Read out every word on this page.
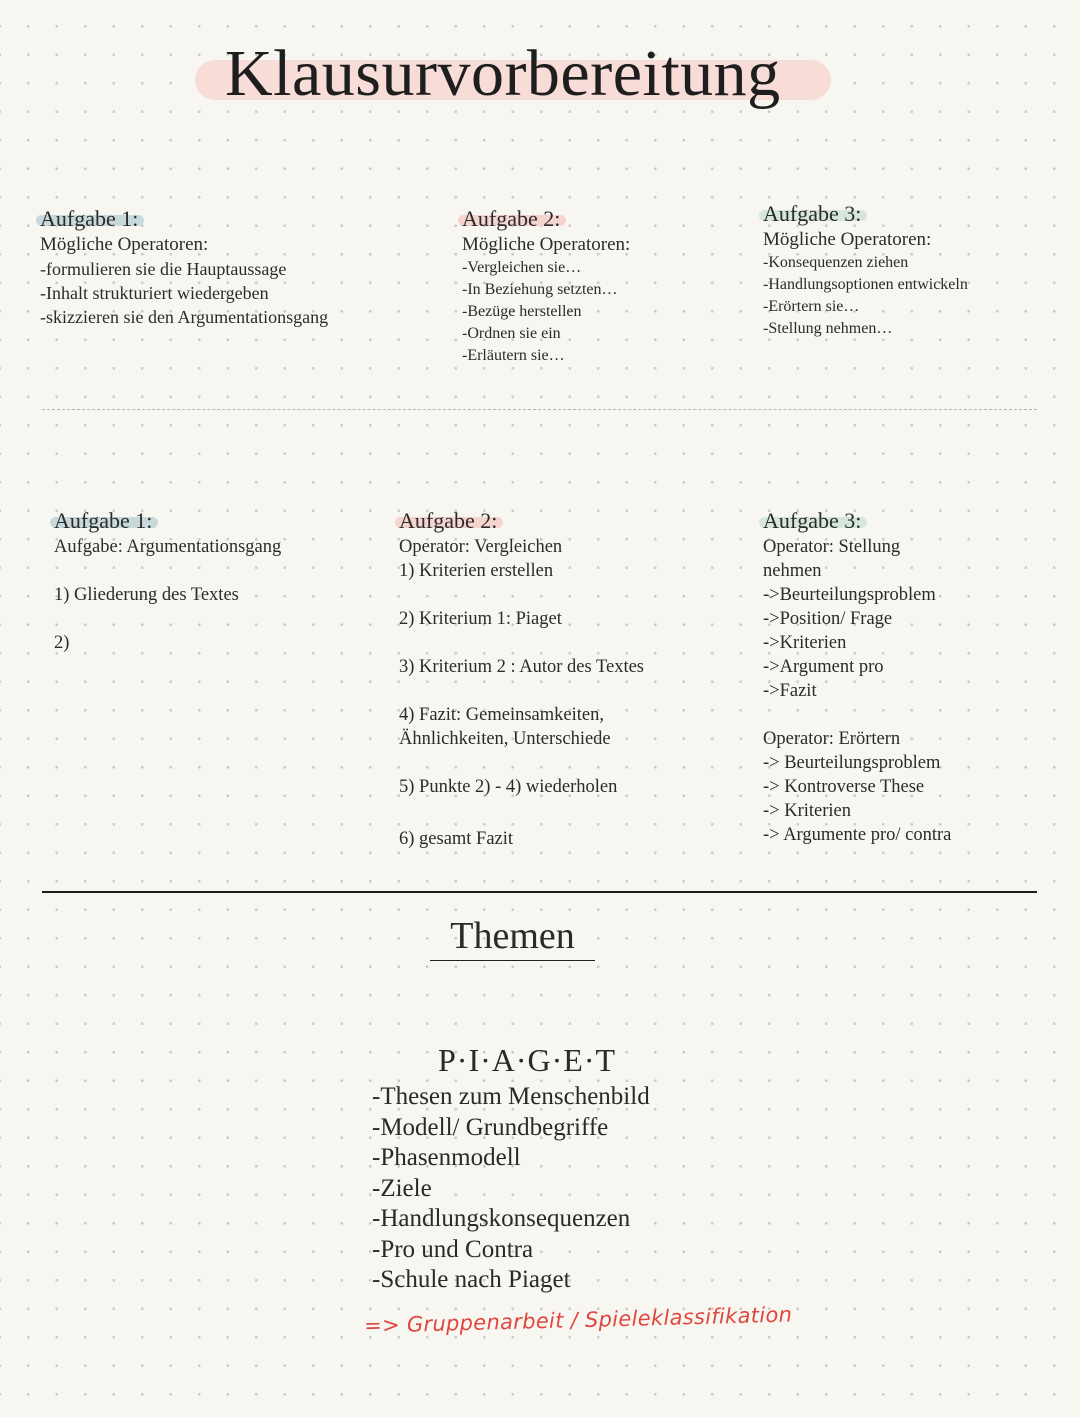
Klausurvorbereitung
Aufgabe 1:
Mögliche Operatoren:
-formulieren sie die Hauptaussage
-Inhalt strukturiert wiedergeben
-skizzieren sie den Argumentationsgang
Aufgabe 2:
Mögliche Operatoren:
-Vergleichen sie…
-In Beziehung setzten…
-Bezüge herstellen
-Ordnen sie ein
-Erläutern sie…
Aufgabe 3:
Mögliche Operatoren:
-Konsequenzen ziehen
-Handlungsoptionen entwickeln
-Erörtern sie…
-Stellung nehmen…
Aufgabe 1:
Aufgabe: Argumentationsgang
1) Gliederung des Textes
2)
Aufgabe 2:
Operator: Vergleichen
1) Kriterien erstellen
2) Kriterium 1: Piaget
3) Kriterium 2 : Autor des Textes
4) Fazit: Gemeinsamkeiten,
Ähnlichkeiten, Unterschiede
5) Punkte 2) - 4) wiederholen
6) gesamt Fazit
Aufgabe 3:
Operator: Stellung
nehmen
->Beurteilungsproblem
->Position/ Frage
->Kriterien
->Argument pro
->Fazit
Operator: Erörtern
-> Beurteilungsproblem
-> Kontroverse These
-> Kriterien
-> Argumente pro/ contra
Themen
P·I·A·G·E·T
-Thesen zum Menschenbild
-Modell/ Grundbegriffe
-Phasenmodell
-Ziele
-Handlungskonsequenzen
-Pro und Contra
-Schule nach Piaget
=> Gruppenarbeit / Spieleklassifikation
